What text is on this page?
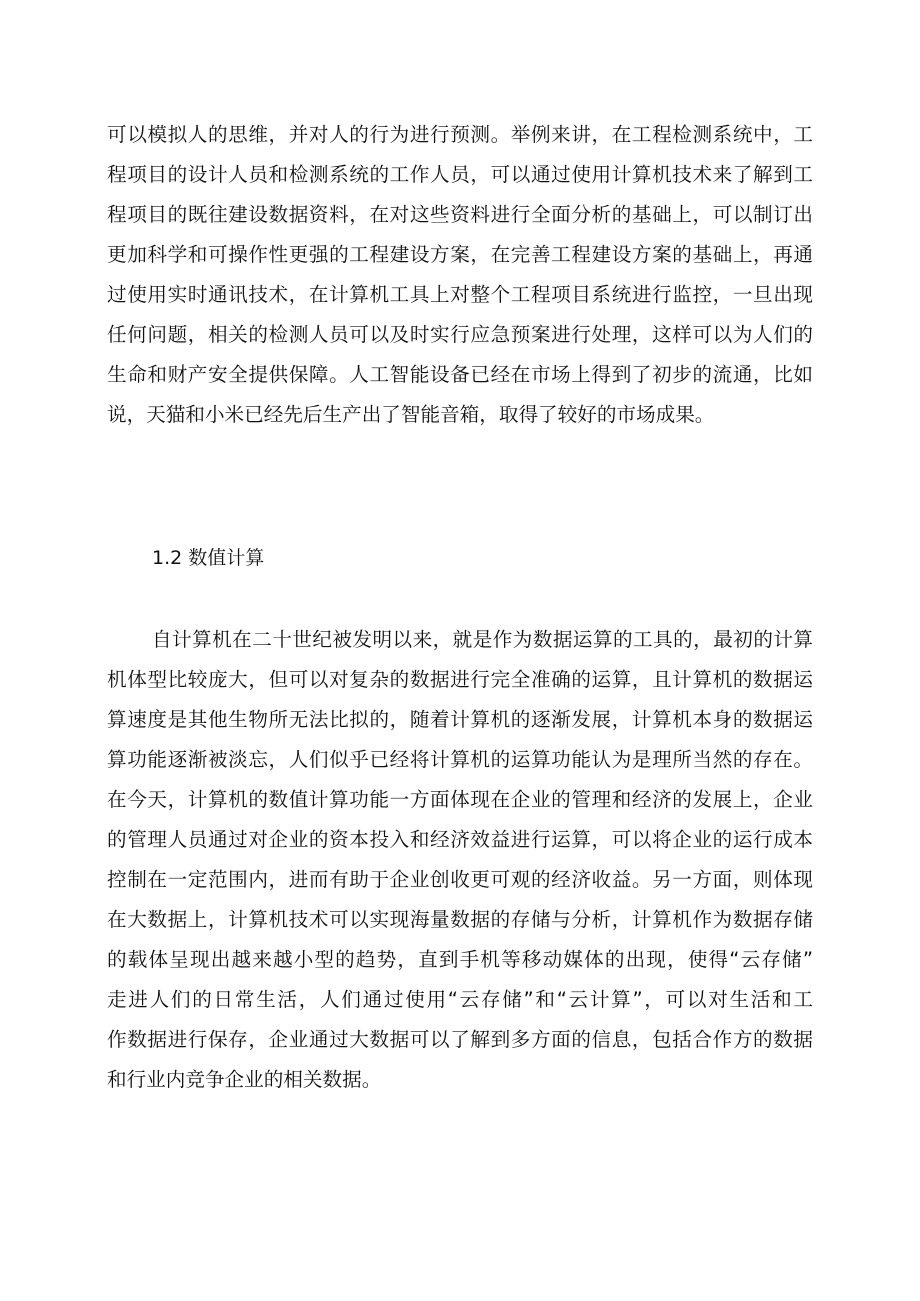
可以模拟人的思维，并对人的行为进行预测。举例来讲，在工程检测系统中，工
程项目的设计人员和检测系统的工作人员，可以通过使用计算机技术来了解到工
程项目的既往建设数据资料，在对这些资料进行全面分析的基础上，可以制订出
更加科学和可操作性更强的工程建设方案，在完善工程建设方案的基础上，再通
过使用实时通讯技术，在计算机工具上对整个工程项目系统进行监控，一旦出现
任何问题，相关的检测人员可以及时实行应急预案进行处理，这样可以为人们的
生命和财产安全提供保障。人工智能设备已经在市场上得到了初步的流通，比如
说，天猫和小米已经先后生产出了智能音箱，取得了较好的市场成果。
1.2 数值计算
自计算机在二十世纪被发明以来，就是作为数据运算的工具的，最初的计算
机体型比较庞大，但可以对复杂的数据进行完全准确的运算，且计算机的数据运
算速度是其他生物所无法比拟的，随着计算机的逐渐发展，计算机本身的数据运
算功能逐渐被淡忘，人们似乎已经将计算机的运算功能认为是理所当然的存在。
在今天，计算机的数值计算功能一方面体现在企业的管理和经济的发展上，企业
的管理人员通过对企业的资本投入和经济效益进行运算，可以将企业的运行成本
控制在一定范围内，进而有助于企业创收更可观的经济收益。另一方面，则体现
在大数据上，计算机技术可以实现海量数据的存储与分析，计算机作为数据存储
的载体呈现出越来越小型的趋势，直到手机等移动媒体的出现，使得“云存储”
走进人们的日常生活，人们通过使用“云存储”和“云计算”，可以对生活和工
作数据进行保存，企业通过大数据可以了解到多方面的信息，包括合作方的数据
和行业内竞争企业的相关数据。
